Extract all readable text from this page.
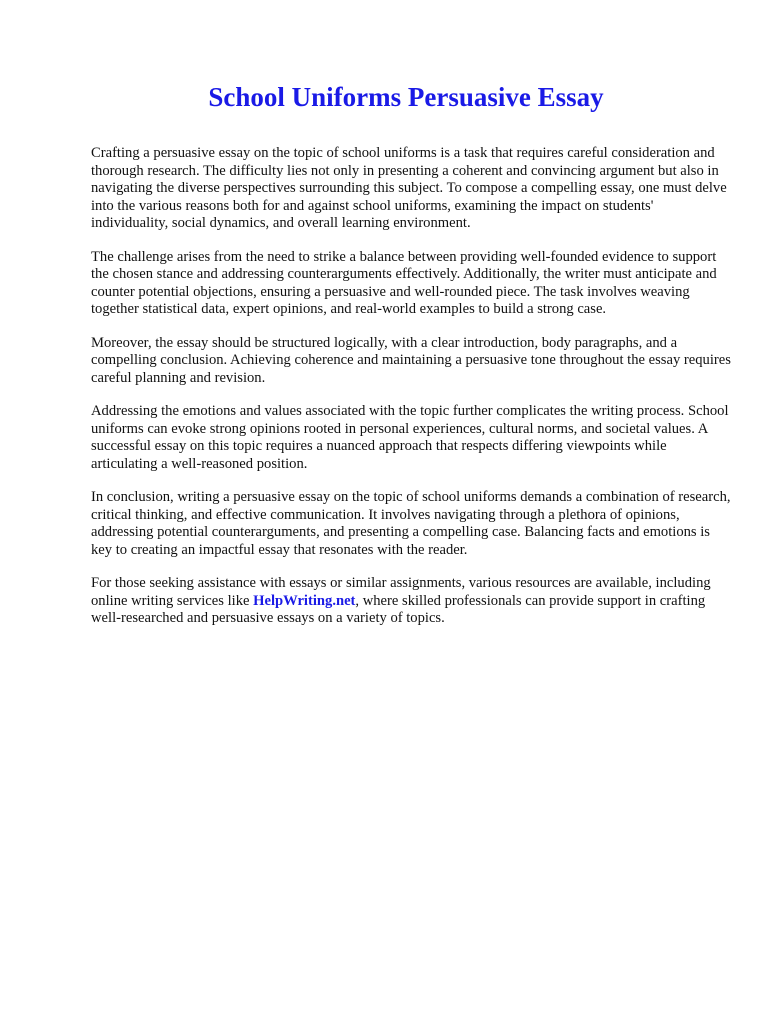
School Uniforms Persuasive Essay

Crafting a persuasive essay on the topic of school uniforms is a task that requires careful consideration and thorough research. The difficulty lies not only in presenting a coherent and convincing argument but also in navigating the diverse perspectives surrounding this subject. To compose a compelling essay, one must delve into the various reasons both for and against school uniforms, examining the impact on students' individuality, social dynamics, and overall learning environment.

The challenge arises from the need to strike a balance between providing well-founded evidence to support the chosen stance and addressing counterarguments effectively. Additionally, the writer must anticipate and counter potential objections, ensuring a persuasive and well-rounded piece. The task involves weaving together statistical data, expert opinions, and real-world examples to build a strong case.

Moreover, the essay should be structured logically, with a clear introduction, body paragraphs, and a compelling conclusion. Achieving coherence and maintaining a persuasive tone throughout the essay requires careful planning and revision.

Addressing the emotions and values associated with the topic further complicates the writing process. School uniforms can evoke strong opinions rooted in personal experiences, cultural norms, and societal values. A successful essay on this topic requires a nuanced approach that respects differing viewpoints while articulating a well-reasoned position.

In conclusion, writing a persuasive essay on the topic of school uniforms demands a combination of research, critical thinking, and effective communication. It involves navigating through a plethora of opinions, addressing potential counterarguments, and presenting a compelling case. Balancing facts and emotions is key to creating an impactful essay that resonates with the reader.

For those seeking assistance with essays or similar assignments, various resources are available, including online writing services like HelpWriting.net, where skilled professionals can provide support in crafting well-researched and persuasive essays on a variety of topics.
